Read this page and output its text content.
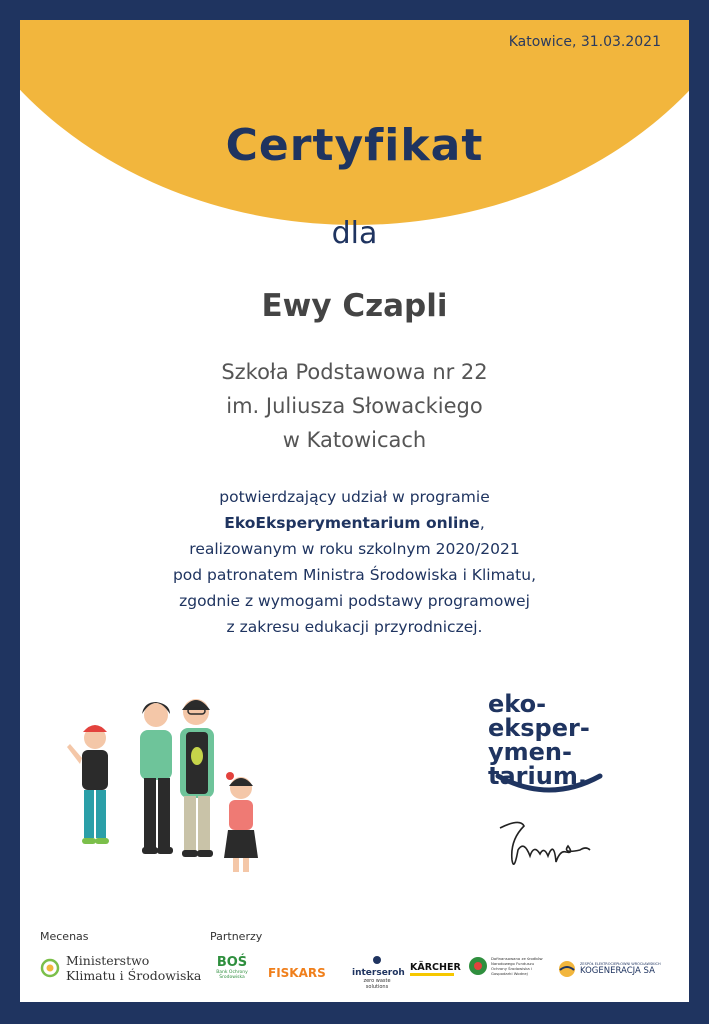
Katowice, 31.03.2021
Certyfikat
dla
Ewy Czapli
Szkoła Podstawowa nr 22
im. Juliusza Słowackiego
w Katowicach
potwierdzający udział w programie
EkoEksperymentarium online,
realizowanym w roku szkolnym 2020/2021
pod patronatem Ministra Środowiska i Klimatu,
zgodnie z wymogami podstawy programowej
z zakresu edukacji przyrodniczej.
eko-
eksper-
ymen-
tarium.
Mecenas	Partnerzy
Ministerstwo
Klimatu i Środowiska
BOŚ
Bank Ochrony Środowiska	FISKARS	interseroh
zero waste solutions
KÄRCHER
Dofinansowano ze środków Narodowego Funduszu Ochrony Środowiska i Gospodarki Wodnej
ZESPÓŁ ELEKTROCIEPŁOWNI WROCŁAWSKICH
KOGENERACJA SA
